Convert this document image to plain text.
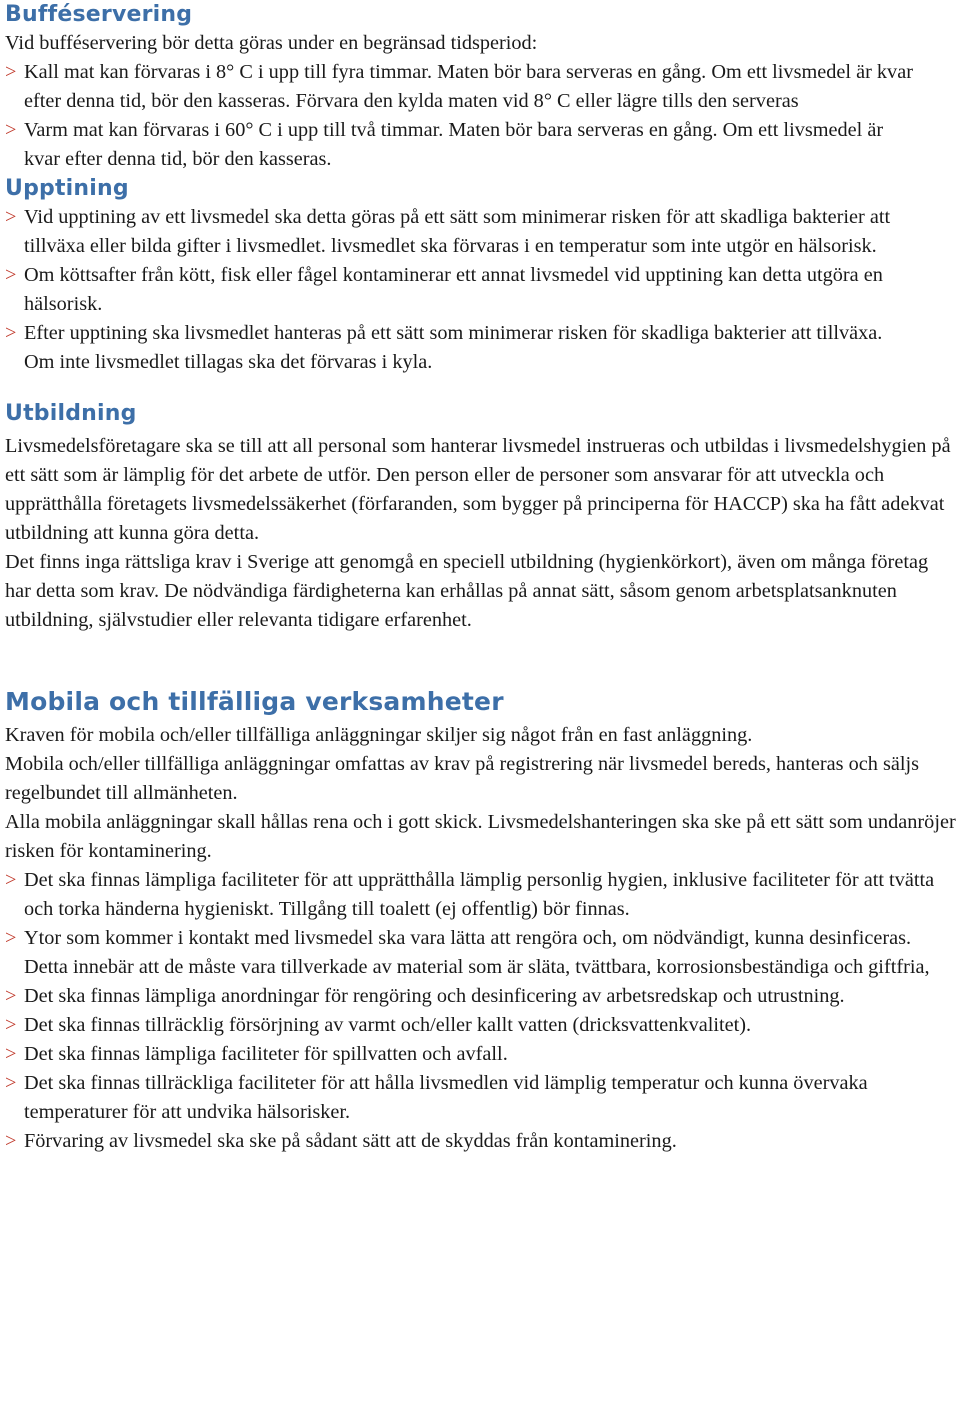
Bufféservering

Vid bufféservering bör detta göras under en begränsad tidsperiod:

> Kall mat kan förvaras i 8° C i upp till fyra timmar. Maten bör bara serveras en gång. Om ett livsmedel är kvar efter denna tid, bör den kasseras. Förvara den kylda maten vid 8° C eller lägre tills den serveras
> Varm mat kan förvaras i 60° C i upp till två timmar. Maten bör bara serveras en gång. Om ett livsmedel är kvar efter denna tid, bör den kasseras.
Upptining
> Vid upptining av ett livsmedel ska detta göras på ett sätt som minimerar risken för att skadliga bakterier att tillväxa eller bilda gifter i livsmedlet. livsmedlet ska förvaras i en temperatur som inte utgör en hälsorisk.
> Om köttsafter från kött, fisk eller fågel kontaminerar ett annat livsmedel vid upptining kan detta utgöra en hälsorisk.
> Efter upptining ska livsmedlet hanteras på ett sätt som minimerar risken för skadliga bakterier att tillväxa. Om inte livsmedlet tillagas ska det förvaras i kyla.
Utbildning

Livsmedelsföretagare ska se till att all personal som hanterar livsmedel instrueras och utbildas i livsmedelshygien på ett sätt som är lämplig för det arbete de utför. Den person eller de personer som ansvarar för att utveckla och upprätthålla företagets livsmedelssäkerhet (förfaranden, som bygger på principerna för HACCP) ska ha fått adekvat utbildning att kunna göra detta.

Det finns inga rättsliga krav i Sverige att genomgå en speciell utbildning (hygienkörkort), även om många företag har detta som krav. De nödvändiga färdigheterna kan erhållas på annat sätt, såsom genom arbetsplatsanknuten utbildning, självstudier eller relevanta tidigare erfarenhet.

Mobila och tillfälliga verksamheter

Kraven för mobila och/eller tillfälliga anläggningar skiljer sig något från en fast anläggning.

Mobila och/eller tillfälliga anläggningar omfattas av krav på registrering när livsmedel bereds, hanteras och säljs regelbundet till allmänheten.

Alla mobila anläggningar skall hållas rena och i gott skick. Livsmedelshanteringen ska ske på ett sätt som undanröjer risken för kontaminering.

> Det ska finnas lämpliga faciliteter för att upprätthålla lämplig personlig hygien, inklusive faciliteter för att tvätta och torka händerna hygieniskt. Tillgång till toalett (ej offentlig) bör finnas.
> Ytor som kommer i kontakt med livsmedel ska vara lätta att rengöra och, om nödvändigt, kunna desinficeras. Detta innebär att de måste vara tillverkade av material som är släta, tvättbara, korrosionsbeständiga och giftfria,
> Det ska finnas lämpliga anordningar för rengöring och desinficering av arbetsredskap och utrustning.
> Det ska finnas tillräcklig försörjning av varmt och/eller kallt vatten (dricksvattenkvalitet).
> Det ska finnas lämpliga faciliteter för spillvatten och avfall.
> Det ska finnas tillräckliga faciliteter för att hålla livsmedlen vid lämplig temperatur och kunna övervaka temperaturer för att undvika hälsorisker.
> Förvaring av livsmedel ska ske på sådant sätt att de skyddas från kontaminering.
